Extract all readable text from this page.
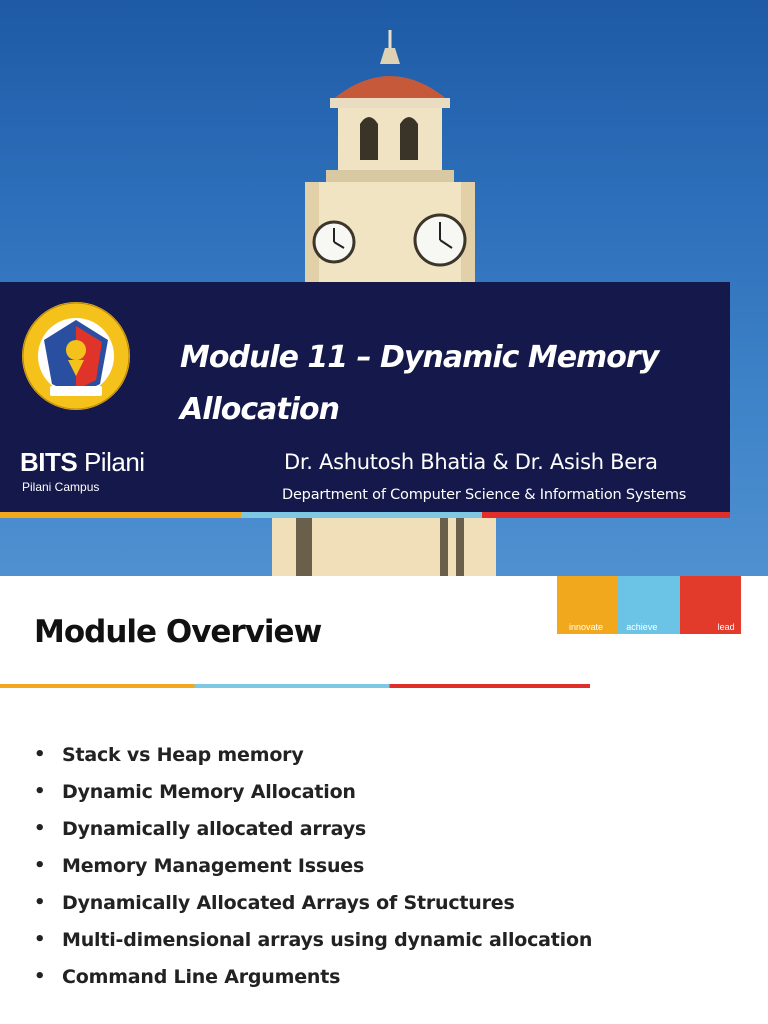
BITS Pilani
Pilani Campus
Module 11 – Dynamic Memory Allocation
Dr. Ashutosh Bhatia & Dr. Asish Bera
Department of Computer Science & Information Systems
innovate	achieve	lead
Module Overview
• Stack vs Heap memory
• Dynamic Memory Allocation
• Dynamically allocated arrays
• Memory Management Issues
• Dynamically Allocated Arrays of Structures
• Multi-dimensional arrays using dynamic allocation
• Command Line Arguments
